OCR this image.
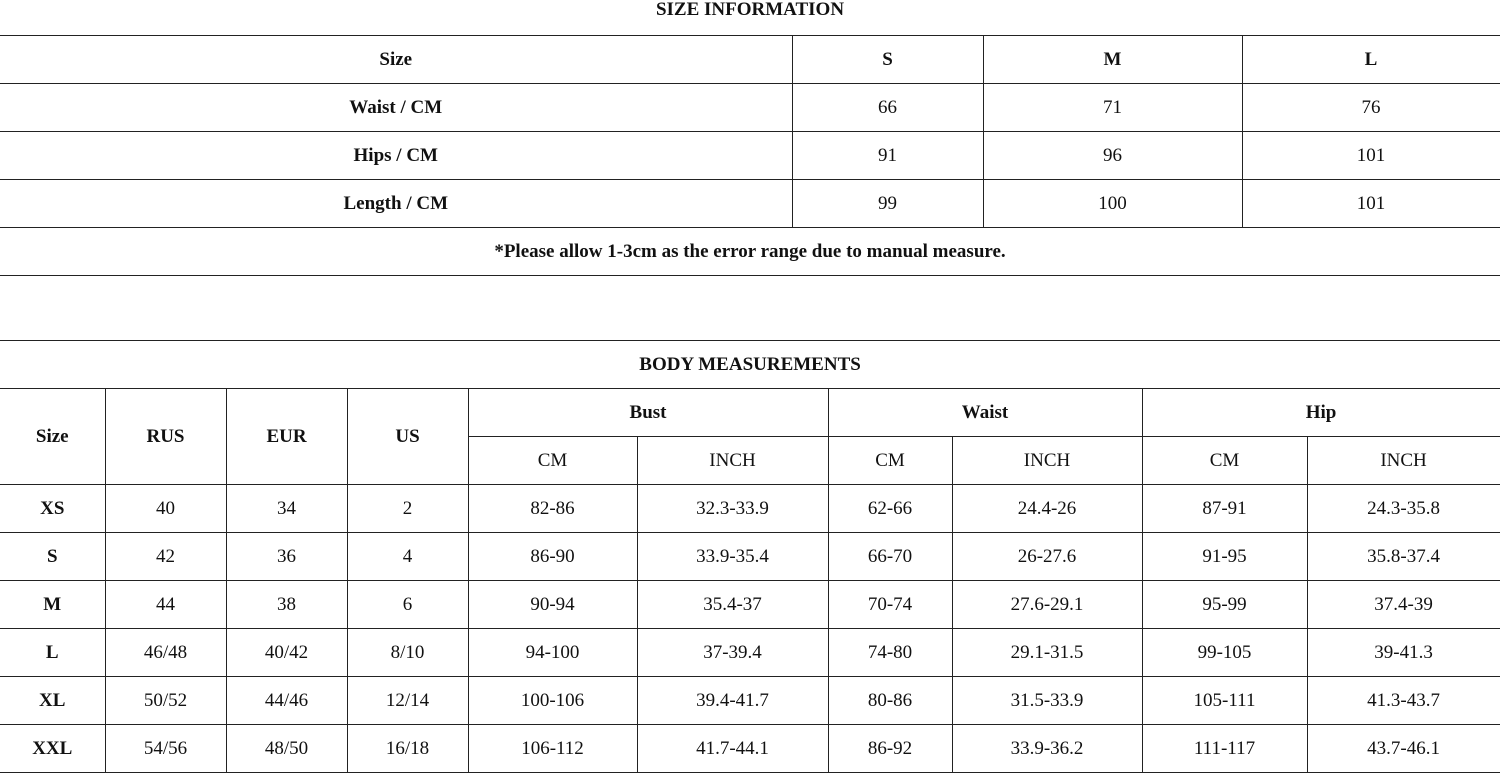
SIZE INFORMATION
Size	S	M	L
Waist / CM	66	71	76
Hips / CM	91	96	101
Length / CM	99	100	101
*Please allow 1-3cm as the error range due to manual measure.			
BODY MEASUREMENTS									
Size	RUS	EUR	US	Bust		Waist		Hip	
				CM	INCH	CM	INCH	CM	INCH
XS	40	34	2	82-86	32.3-33.9	62-66	24.4-26	87-91	24.3-35.8
S	42	36	4	86-90	33.9-35.4	66-70	26-27.6	91-95	35.8-37.4
M	44	38	6	90-94	35.4-37	70-74	27.6-29.1	95-99	37.4-39
L	46/48	40/42	8/10	94-100	37-39.4	74-80	29.1-31.5	99-105	39-41.3
XL	50/52	44/46	12/14	100-106	39.4-41.7	80-86	31.5-33.9	105-111	41.3-43.7
XXL	54/56	48/50	16/18	106-112	41.7-44.1	86-92	33.9-36.2	111-117	43.7-46.1
